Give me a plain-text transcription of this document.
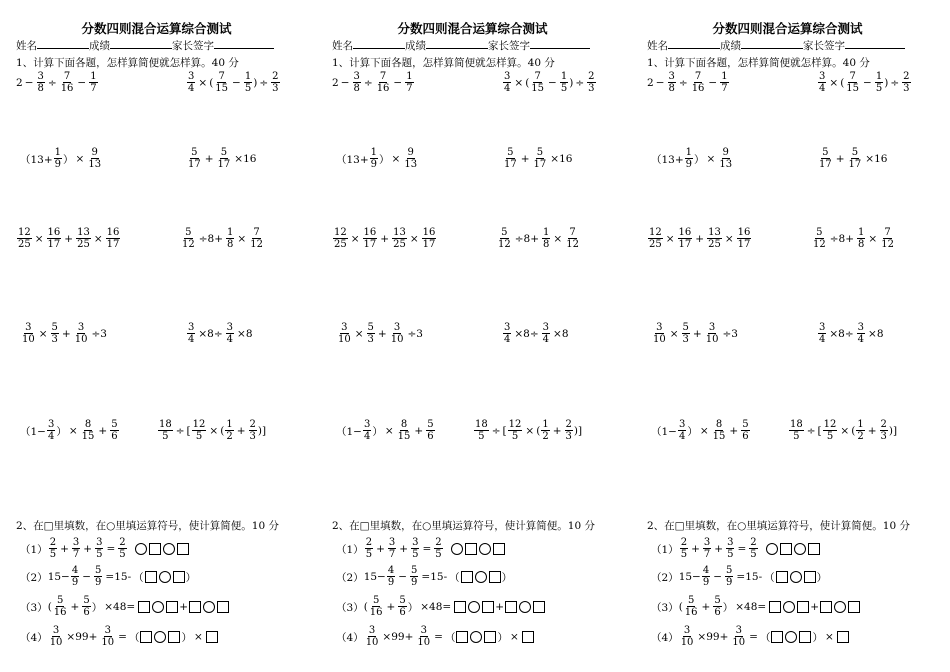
分数四则混合运算综合测试
姓名	成绩	家长签字
1、计算下面各题，怎样算简便就怎样算。40 分
$2 - \frac{3}{8} \div \frac{7}{16} - \frac{1}{7}$	$\frac{3}{4}$ × ( $\frac{7}{15} - \frac{1}{5}$ ) ÷ $\frac{2}{3}$
（$13+ \frac{1}{9}$ ） × $\frac{9}{13}$	$\frac{5}{17} + \frac{5}{17} \times 16$
$\frac{12}{25} \times \frac{16}{17} + \frac{13}{25} \times \frac{16}{17}$	$\frac{5}{12} \div 8+ \frac{1}{8} \times \frac{7}{12}$
$\frac{3}{10} \times \frac{5}{3} + \frac{3}{10} \div 3$	$\frac{3}{4} \times 8\div \frac{3}{4} \times 8$
（$1- \frac{3}{4}$ ） × $\frac{8}{15} + \frac{5}{6}$	$\frac{18}{5}$ ÷ [ $\frac{12}{5}$ × ( $\frac{1}{2} + \frac{2}{3}$ ) ]
2、在□里填数，在○里填运算符号，使计算简便。10 分
$(1) \frac{2}{5} + \frac{3}{7} + \frac{3}{5} = \frac{2}{5}$
（2） $15- \frac{4}{9} - \frac{5}{9} =15-$ （	）
（3） ( $\frac{5}{16} + \frac{5}{6}$ ） ×48=	+
$(4) \frac{3}{10} \times 99+ \frac{3}{10}$ = （	） ×
分数四则混合运算综合测试
姓名	成绩	家长签字
1、计算下面各题，怎样算简便就怎样算。40 分
$2 - \frac{3}{8} \div \frac{7}{16} - \frac{1}{7}$	$\frac{3}{4}$ × ( $\frac{7}{15} - \frac{1}{5}$ ) ÷ $\frac{2}{3}$
（$13+ \frac{1}{9}$ ） × $\frac{9}{13}$	$\frac{5}{17} + \frac{5}{17} \times 16$
$\frac{12}{25} \times \frac{16}{17} + \frac{13}{25} \times \frac{16}{17}$	$\frac{5}{12} \div 8+ \frac{1}{8} \times \frac{7}{12}$
$\frac{3}{10} \times \frac{5}{3} + \frac{3}{10} \div 3$	$\frac{3}{4} \times 8\div \frac{3}{4} \times 8$
（$1- \frac{3}{4}$ ） × $\frac{8}{15} + \frac{5}{6}$	$\frac{18}{5}$ ÷ [ $\frac{12}{5}$ × ( $\frac{1}{2} + \frac{2}{3}$ ) ]
2、在□里填数，在○里填运算符号，使计算简便。10 分
$(1) \frac{2}{5} + \frac{3}{7} + \frac{3}{5} = \frac{2}{5}$
（2） $15- \frac{4}{9} - \frac{5}{9} =15-$ （	）
（3） ( $\frac{5}{16} + \frac{5}{6}$ ） ×48=	+
$(4) \frac{3}{10} \times 99+ \frac{3}{10}$ = （	） ×
分数四则混合运算综合测试
姓名	成绩	家长签字
1、计算下面各题，怎样算简便就怎样算。40 分
$2 - \frac{3}{8} \div \frac{7}{16} - \frac{1}{7}$	$\frac{3}{4}$ × ( $\frac{7}{15} - \frac{1}{5}$ ) ÷ $\frac{2}{3}$
（$13+ \frac{1}{9}$ ） × $\frac{9}{13}$	$\frac{5}{17} + \frac{5}{17} \times 16$
$\frac{12}{25} \times \frac{16}{17} + \frac{13}{25} \times \frac{16}{17}$	$\frac{5}{12} \div 8+ \frac{1}{8} \times \frac{7}{12}$
$\frac{3}{10} \times \frac{5}{3} + \frac{3}{10} \div 3$	$\frac{3}{4} \times 8\div \frac{3}{4} \times 8$
（$1- \frac{3}{4}$ ） × $\frac{8}{15} + \frac{5}{6}$	$\frac{18}{5}$ ÷ [ $\frac{12}{5}$ × ( $\frac{1}{2} + \frac{2}{3}$ ) ]
2、在□里填数，在○里填运算符号，使计算简便。10 分
$(1) \frac{2}{5} + \frac{3}{7} + \frac{3}{5} = \frac{2}{5}$
（2） $15- \frac{4}{9} - \frac{5}{9} =15-$ （	）
（3） ( $\frac{5}{16} + \frac{5}{6}$ ） ×48=	+
$(4) \frac{3}{10} \times 99+ \frac{3}{10}$ = （	） ×
